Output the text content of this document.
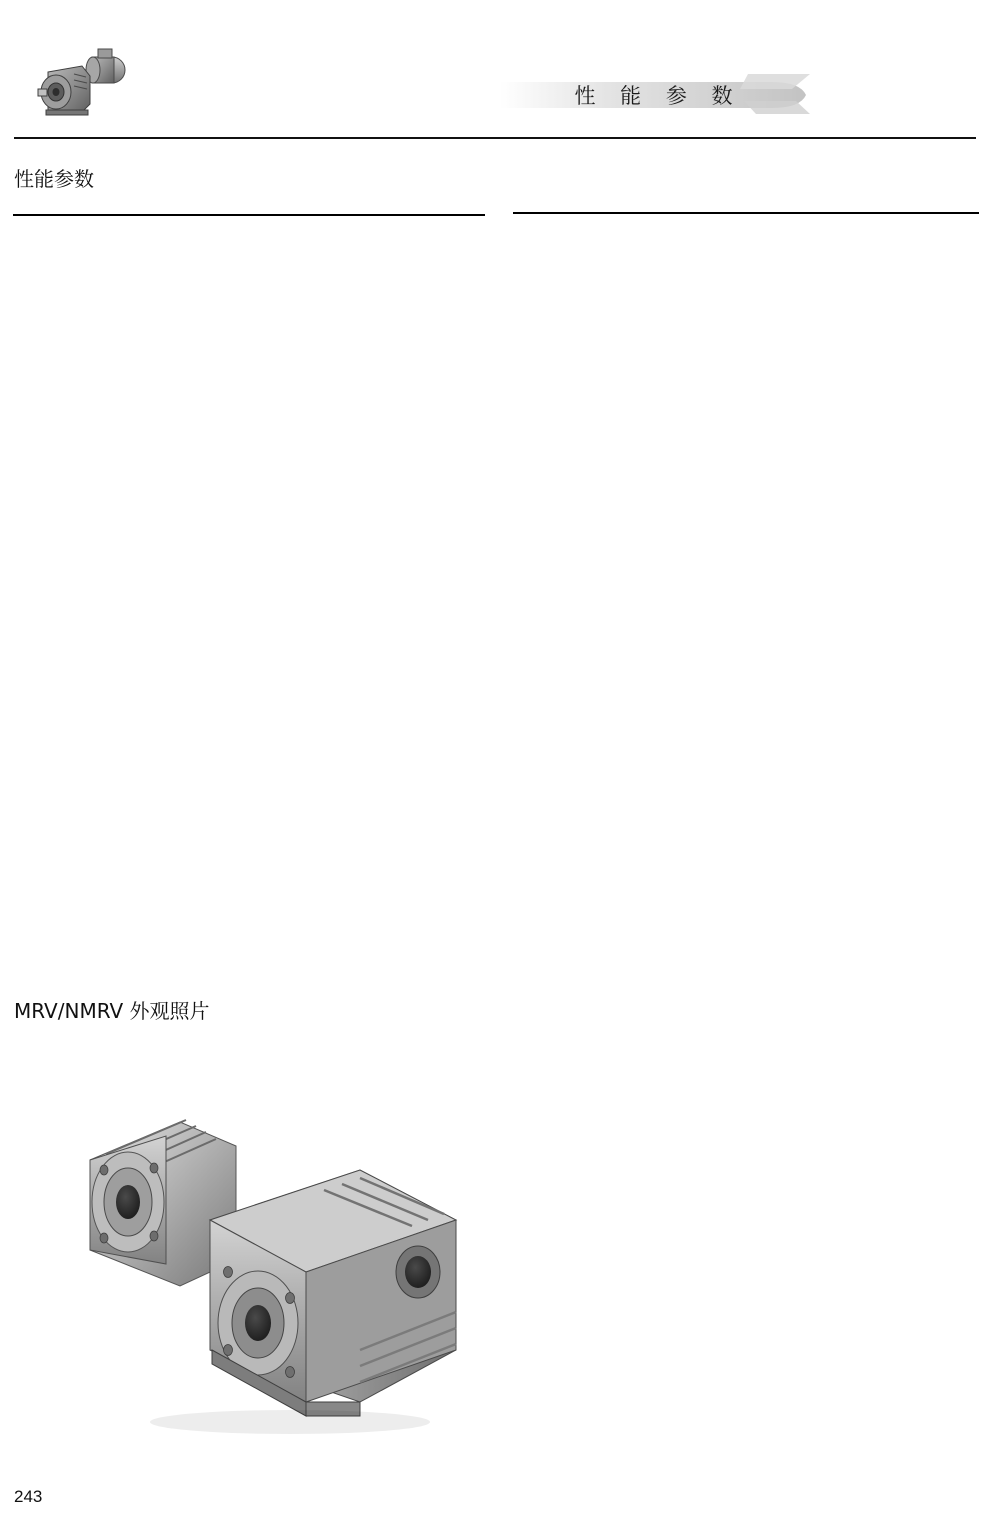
性 能 参 数
性能参数
MRV/NMRV 外观照片
243
